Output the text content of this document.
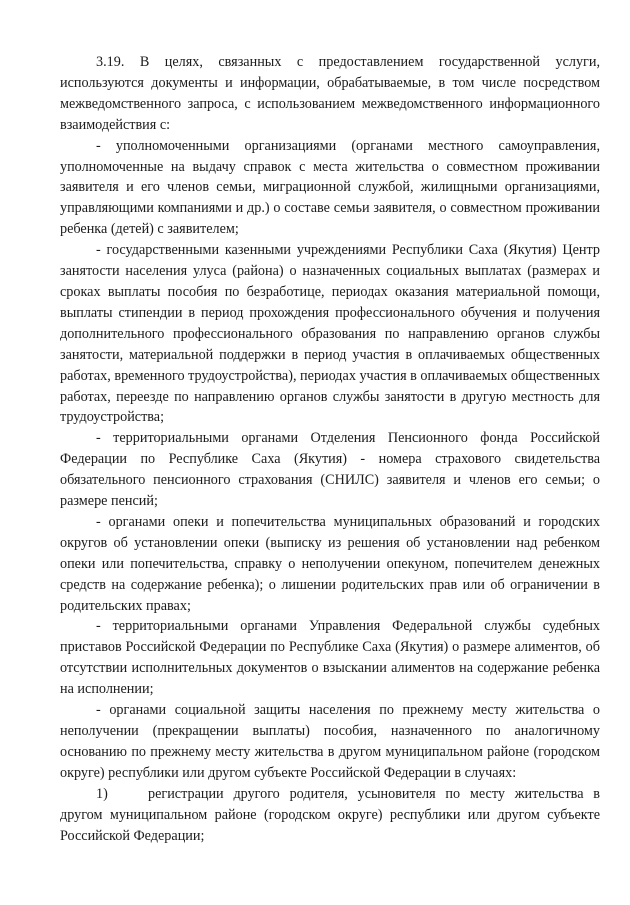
3.19. В целях, связанных с предоставлением государственной услуги, используются документы и информации, обрабатываемые, в том числе посредством межведомственного запроса, с использованием межведомственного информационного взаимодействия с:

- уполномоченными организациями (органами местного самоуправления, уполномоченные на выдачу справок с места жительства о совместном проживании заявителя и его членов семьи, миграционной службой, жилищными организациями, управляющими компаниями и др.) о составе семьи заявителя, о совместном проживании ребенка (детей) с заявителем;

- государственными казенными учреждениями Республики Саха (Якутия) Центр занятости населения улуса (района) о назначенных социальных выплатах (размерах и сроках выплаты пособия по безработице, периодах оказания материальной помощи, выплаты стипендии в период прохождения профессионального обучения и получения дополнительного профессионального образования по направлению органов службы занятости, материальной поддержки в период участия в оплачиваемых общественных работах, временного трудоустройства), периодах участия в оплачиваемых общественных работах, переезде по направлению органов службы занятости в другую местность для трудоустройства;

- территориальными органами Отделения Пенсионного фонда Российской Федерации по Республике Саха (Якутия) - номера страхового свидетельства обязательного пенсионного страхования (СНИЛС) заявителя и членов его семьи; о размере пенсий;

- органами опеки и попечительства муниципальных образований и городских округов об установлении опеки (выписку из решения об установлении над ребенком опеки или попечительства, справку о неполучении опекуном, попечителем денежных средств на содержание ребенка); о лишении родительских прав или об ограничении в родительских правах;

- территориальными органами Управления Федеральной службы судебных приставов Российской Федерации по Республике Саха (Якутия) о размере алиментов, об отсутствии исполнительных документов о взыскании алиментов на содержание ребенка на исполнении;

- органами социальной защиты населения по прежнему месту жительства о неполучении (прекращении выплаты) пособия, назначенного по аналогичному основанию по прежнему месту жительства в другом муниципальном районе (городском округе) республики или другом субъекте Российской Федерации в случаях:

1)	регистрации другого родителя, усыновителя по месту жительства в другом муниципальном районе (городском округе) республики или другом субъекте Российской Федерации;
